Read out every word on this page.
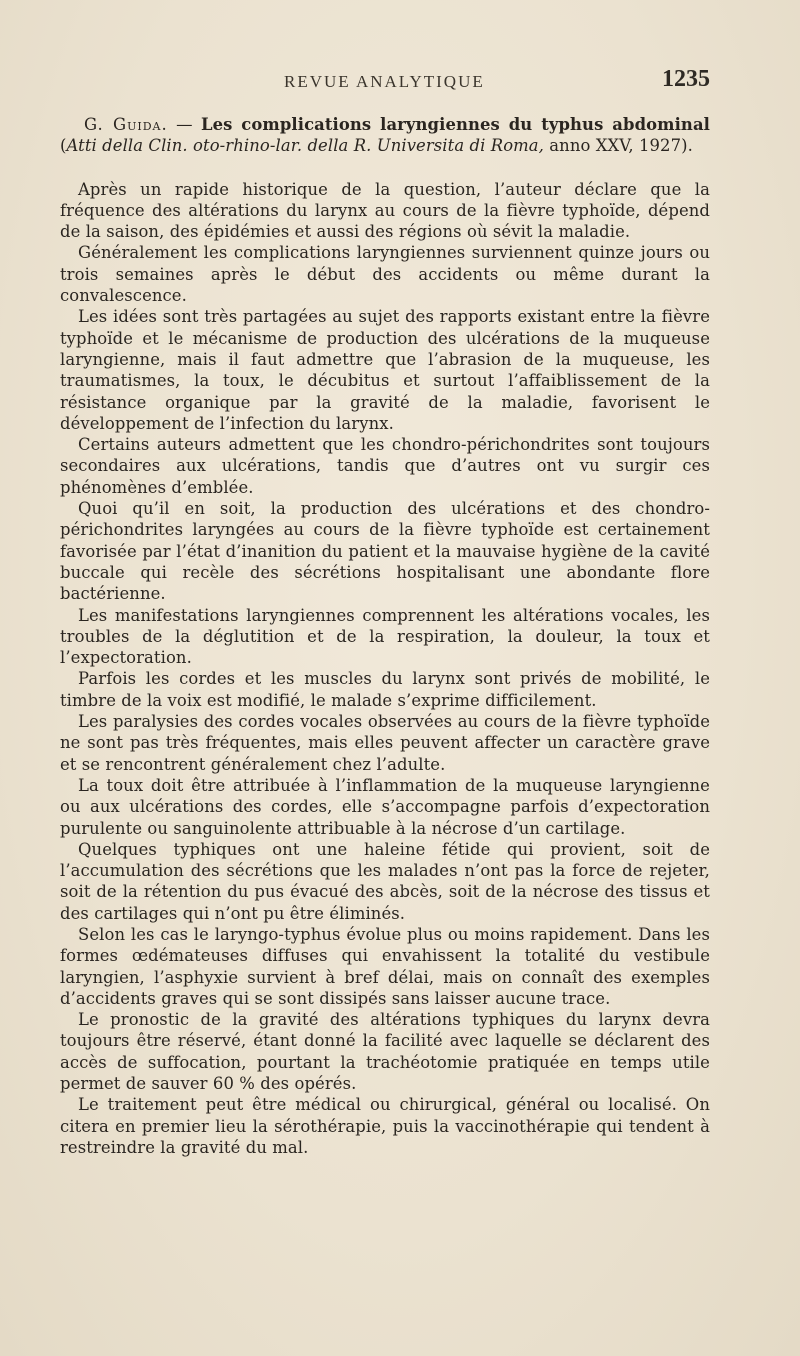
REVUE ANALYTIQUE	1235

G. Guida. — Les complications laryngiennes du typhus abdominal (Atti della Clin. oto-rhino-lar. della R. Universita di Roma, anno XXV, 1927).

Après un rapide historique de la question, l’auteur déclare que la fréquence des altérations du larynx au cours de la fièvre typhoïde, dépend de la saison, des épidémies et aussi des régions où sévit la maladie.

Généralement les complications laryngiennes surviennent quinze jours ou trois semaines après le début des accidents ou même durant la convalescence.

Les idées sont très partagées au sujet des rapports existant entre la fièvre typhoïde et le mécanisme de production des ulcérations de la muqueuse laryngienne, mais il faut admettre que l’abrasion de la muqueuse, les traumatismes, la toux, le décubitus et surtout l’affaiblissement de la résistance organique par la gravité de la maladie, favorisent le développement de l’infection du larynx.

Certains auteurs admettent que les chondro-périchondrites sont toujours secondaires aux ulcérations, tandis que d’autres ont vu surgir ces phénomènes d’emblée.

Quoi qu’il en soit, la production des ulcérations et des chondro-périchondrites laryngées au cours de la fièvre typhoïde est certainement favorisée par l’état d’inanition du patient et la mauvaise hygiène de la cavité buccale qui recèle des sécrétions hospitalisant une abondante flore bactérienne.

Les manifestations laryngiennes comprennent les altérations vocales, les troubles de la déglutition et de la respiration, la douleur, la toux et l’expectoration.

Parfois les cordes et les muscles du larynx sont privés de mobilité, le timbre de la voix est modifié, le malade s’exprime difficilement.

Les paralysies des cordes vocales observées au cours de la fièvre typhoïde ne sont pas très fréquentes, mais elles peuvent affecter un caractère grave et se rencontrent généralement chez l’adulte.

La toux doit être attribuée à l’inflammation de la muqueuse laryngienne ou aux ulcérations des cordes, elle s’accompagne parfois d’expectoration purulente ou sanguinolente attribuable à la nécrose d’un cartilage.

Quelques typhiques ont une haleine fétide qui provient, soit de l’accumulation des sécrétions que les malades n’ont pas la force de rejeter, soit de la rétention du pus évacué des abcès, soit de la nécrose des tissus et des cartilages qui n’ont pu être éliminés.

Selon les cas le laryngo-typhus évolue plus ou moins rapidement. Dans les formes œdémateuses diffuses qui envahissent la totalité du vestibule laryngien, l’asphyxie survient à bref délai, mais on connaît des exemples d’accidents graves qui se sont dissipés sans laisser aucune trace.

Le pronostic de la gravité des altérations typhiques du larynx devra toujours être réservé, étant donné la facilité avec laquelle se déclarent des accès de suffocation, pourtant la trachéotomie pratiquée en temps utile permet de sauver 60 % des opérés.

Le traitement peut être médical ou chirurgical, général ou localisé. On citera en premier lieu la sérothérapie, puis la vaccinothérapie qui tendent à restreindre la gravité du mal.
